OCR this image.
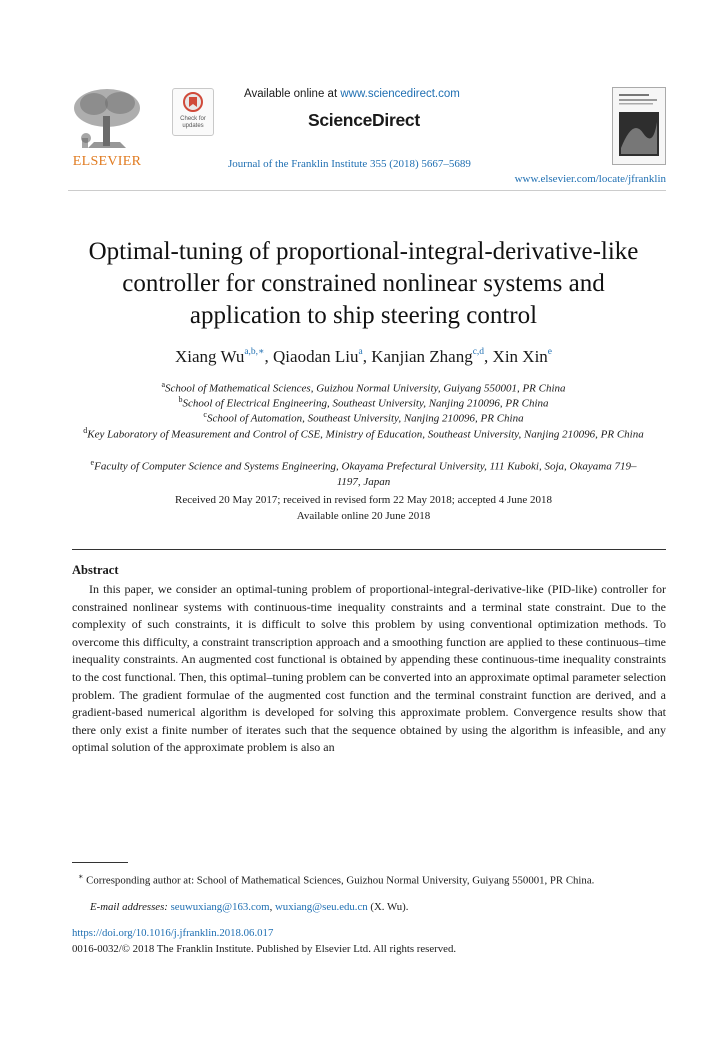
ELSEVIER
Check for updates
Available online at www.sciencedirect.com
ScienceDirect
Journal of the Franklin Institute 355 (2018) 5667–5689
www.elsevier.com/locate/jfranklin
Optimal-tuning of proportional-integral-derivative-like
controller for constrained nonlinear systems and
application to ship steering control
Xiang $Wu^{a,b,∗}$, Qiaodan Liu$^a$, Kanjian Zhang$^{c,d}$, Xin Xin$^e$
$^a$School of Mathematical Sciences, Guizhou Normal University, Guiyang 550001, PR China
$^b$School of Electrical Engineering, Southeast University, Nanjing 210096, PR China
$^c$School of Automation, Southeast University, Nanjing 210096, PR China
$^d$Key Laboratory of Measurement and Control of CSE, Ministry of Education, Southeast University, Nanjing 210096, PR China
$^e$Faculty of Computer Science and Systems Engineering, Okayama Prefectural University, 111 Kuboki, Soja, Okayama 719–1197, Japan
Received 20 May 2017; received in revised form 22 May 2018; accepted 4 June 2018
Available online 20 June 2018
Abstract
In this paper, we consider an optimal-tuning problem of proportional-integral-derivative-like (PID-like) controller for constrained nonlinear systems with continuous-time inequality constraints and a terminal state constraint. Due to the complexity of such constraints, it is difficult to solve this problem by using conventional optimization methods. To overcome this difficulty, a constraint transcription approach and a smoothing function are applied to these continuous–time inequality constraints. An augmented cost functional is obtained by appending these continuous-time inequality constraints to the cost functional. Then, this optimal–tuning problem can be converted into an approximate optimal parameter selection problem. The gradient formulae of the augmented cost function and the terminal constraint function are derived, and a gradient-based numerical algorithm is developed for solving this approximate problem. Convergence results show that there only exist a finite number of iterates such that the sequence obtained by using the algorithm is infeasible, and any optimal solution of the approximate problem is also an
∗ Corresponding author at: School of Mathematical Sciences, Guizhou Normal University, Guiyang 550001, PR China.
E-mail addresses: seuwuxiang@163.com, wuxiang@seu.edu.cn (X. Wu).
https://doi.org/10.1016/j.jfranklin.2018.06.017
0016-0032/© 2018 The Franklin Institute. Published by Elsevier Ltd. All rights reserved.
